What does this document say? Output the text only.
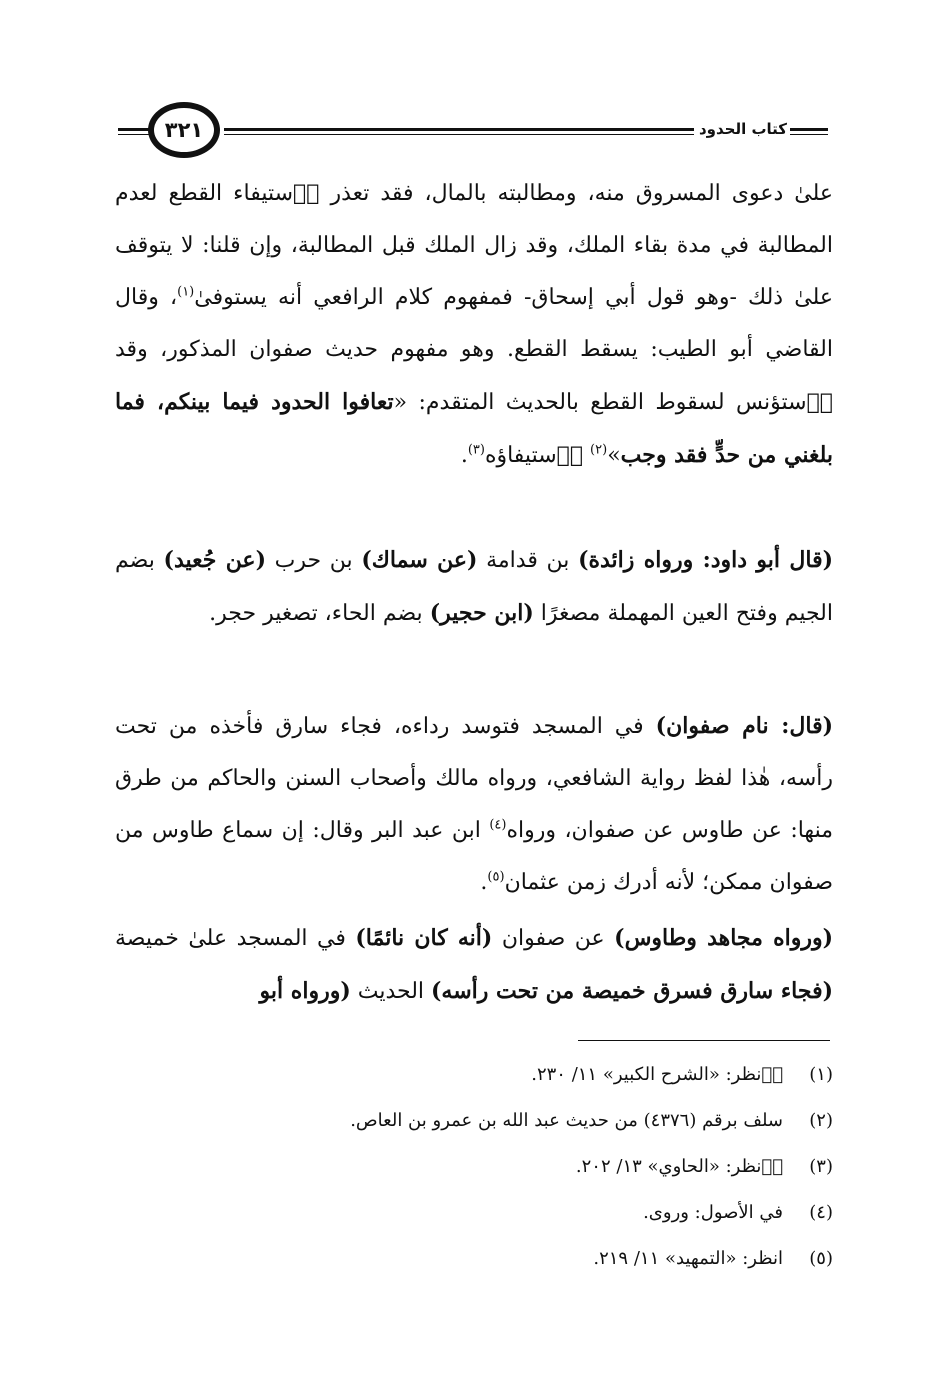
٣٢١	كتاب الحدود
علىٰ دعوى المسروق منه، ومطالبته بالمال، فقد تعذر اۤستيفاء القطع لعدم المطالبة في مدة بقاء الملك، وقد زال الملك قبل المطالبة، وإن قلنا: لا يتوقف علىٰ ذلك -وهو قول أبي إسحاق- فمفهوم كلام الرافعي أنه يستوفىٰ$^{(١)}$، وقال القاضي أبو الطيب: يسقط القطع. وهو مفهوم حديث صفوان المذكور، وقد اۤستؤنس لسقوط القطع بالحديث المتقدم: «تعافوا الحدود فيما بينكم، فما بلغني من حدٍّ فقد وجب»$^{(٢)}$ اۤستيفاؤه$^{(٣)}$.
(قال أبو داود: ورواه زائدة) بن قدامة (عن سماك) بن حرب (عن جُعيد) بضم الجيم وفتح العين المهملة مصغرًا (ابن حجير) بضم الحاء، تصغير حجر.
(قال: نام صفوان) في المسجد فتوسد رداءه، فجاء سارق فأخذه من تحت رأسه، هٰذا لفظ رواية الشافعي، ورواه مالك وأصحاب السنن والحاكم من طرق منها: عن طاوس عن صفوان، ورواه$^{(٤)}$ ابن عبد البر وقال: إن سماع طاوس من صفوان ممكن؛ لأنه أدرك زمن عثمان$^{(٥)}$.
(ورواه مجاهد وطاوس) عن صفوان (أنه كان نائمًا) في المسجد علىٰ خميصة (فجاء سارق فسرق خميصة من تحت رأسه) الحديث (ورواه أبو
(١)
اۤنظر: «الشرح الكبير» ١١/ ٢٣٠.
(٢)
سلف برقم (٤٣٧٦) من حديث عبد الله بن عمرو بن العاص.
(٣)
اۤنظر: «الحاوي» ١٣/ ٢٠٢.
(٤)
في الأصول: وروى.
(٥)
انظر: «التمهيد» ١١/ ٢١٩.
